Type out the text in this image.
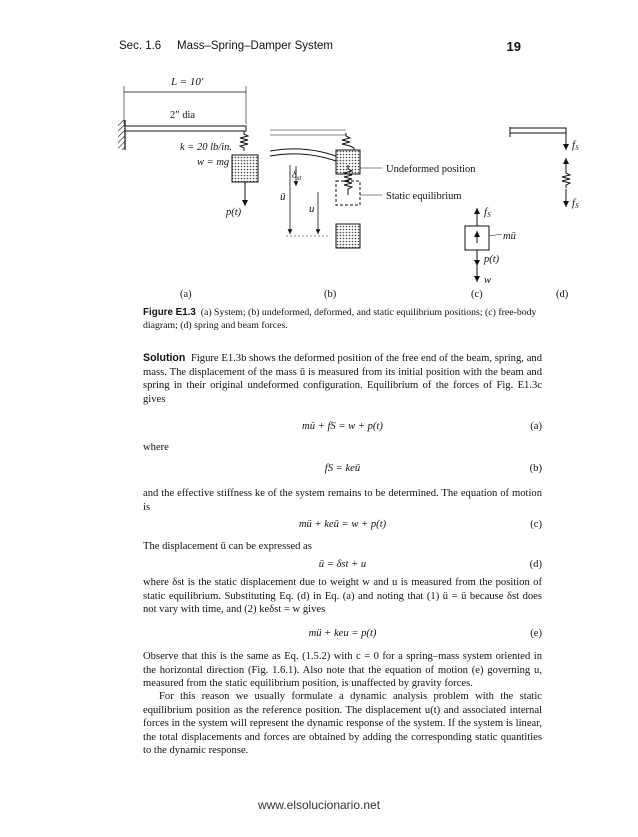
Sec. 1.6 Mass–Spring–Damper System	19
L = 10′
2″ dia
k = 20 lb/in.
w = mg
p(t)
Undeformed position
Static equilibrium
$\delta_{st}$
ū
u	fS
mü
p(t)
w
fS
fS
(a)	(b)	(c)	(d)
Figure E1.3 (a) System; (b) undeformed, deformed, and static equilibrium positions; (c) free-body diagram; (d) spring and beam forces.

Solution Figure E1.3b shows the deformed position of the free end of the beam, spring, and mass. The displacement of the mass ū is measured from its initial position with the beam and spring in their original undeformed configuration. Equilibrium of the forces of Fig. E1.3c gives

mü + fS = w + p(t)	(a)

where

fS = keū	(b)

and the effective stiffness ke of the system remains to be determined. The equation of motion is

mü + keū = w + p(t)	(c)

The displacement ū can be expressed as

ū = δst + u	(d)

where δst is the static displacement due to weight w and u is measured from the position of static equilibrium. Substituting Eq. (d) in Eq. (a) and noting that (1) ü = ü because δst does not vary with time, and (2) keδst = w gives

mü + keu = p(t)	(e)

Observe that this is the same as Eq. (1.5.2) with c = 0 for a spring–mass system oriented in the horizontal direction (Fig. 1.6.1). Also note that the equation of motion (e) governing u, measured from the static equilibrium position, is unaffected by gravity forces.

For this reason we usually formulate a dynamic analysis problem with the static equilibrium position as the reference position. The displacement u(t) and associated internal forces in the system will represent the dynamic response of the system. If the system is linear, the total displacements and forces are obtained by adding the corresponding static quantities to the dynamic response.

www.elsolucionario.net
